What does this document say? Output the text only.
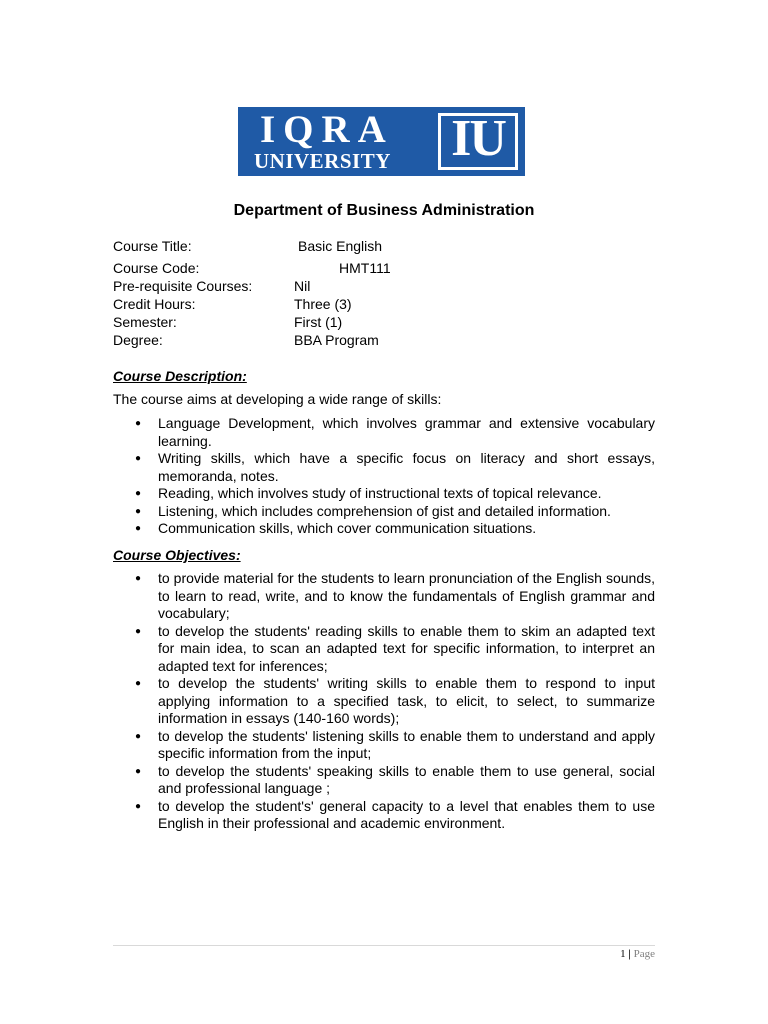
IQRA
UNIVERSITY IU
Department of Business Administration
Course Title:	Basic English
Course Code:	HMT111
Pre-requisite Courses:	Nil
Credit Hours:	Three (3)
Semester:	First (1)
Degree:	BBA Program
Course Description:
The course aims at developing a wide range of skills:
● Language Development, which involves grammar and extensive vocabulary learning.
● Writing skills, which have a specific focus on literacy and short essays, memoranda, notes.
● Reading, which involves study of instructional texts of topical relevance.
● Listening, which includes comprehension of gist and detailed information.
● Communication skills, which cover communication situations.
Course Objectives:
● to provide material for the students to learn pronunciation of the English sounds, to learn to read, write, and to know the fundamentals of English grammar and vocabulary;
● to develop the students' reading skills to enable them to skim an adapted text for main idea, to scan an adapted text for specific information, to interpret an adapted text for inferences;
● to develop the students' writing skills to enable them to respond to input applying information to a specified task, to elicit, to select, to summarize information in essays (140-160 words);
● to develop the students' listening skills to enable them to understand and apply specific information from the input;
● to develop the students' speaking skills to enable them to use general, social and professional language ;
● to develop the student's' general capacity to a level that enables them to use English in their professional and academic environment.
1 | Page
